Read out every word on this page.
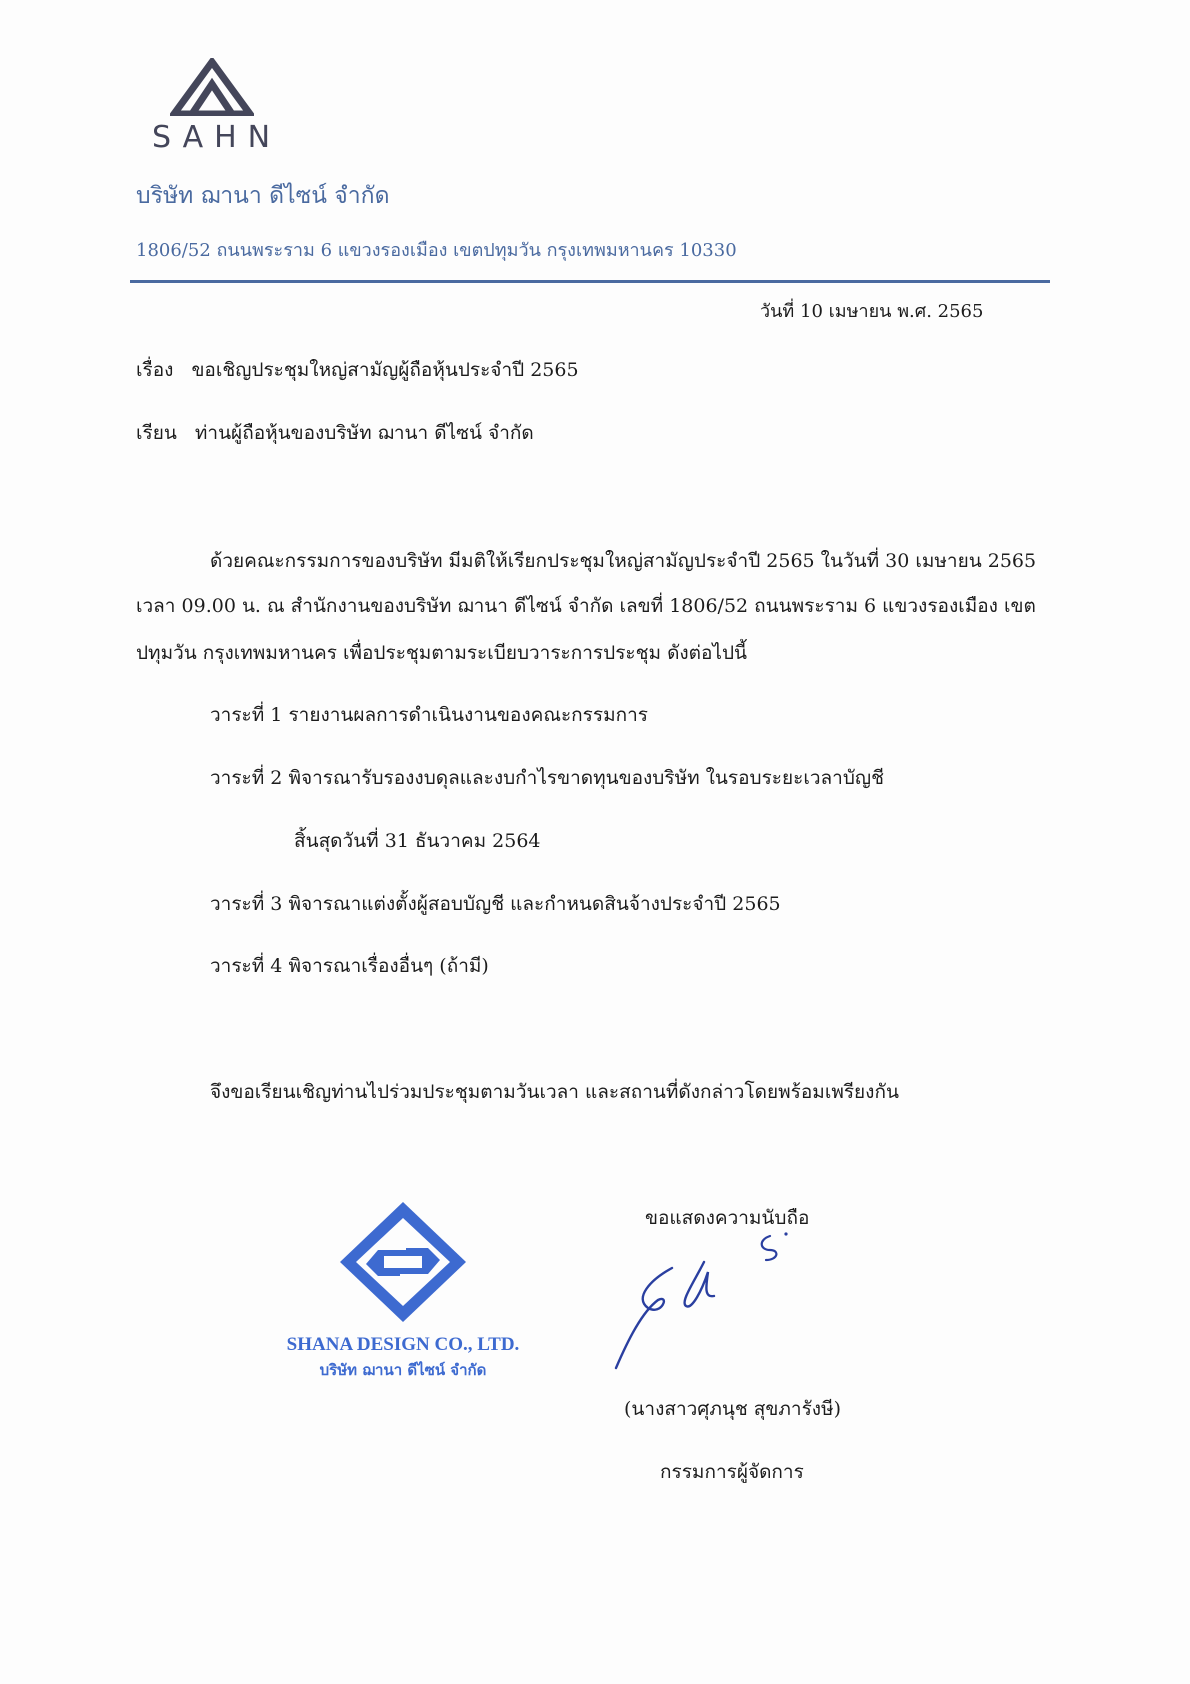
SAHN
บริษัท ฌานา ดีไซน์ จำกัด
1806/52 ถนนพระราม 6 แขวงรองเมือง เขตปทุมวัน กรุงเทพมหานคร 10330
วันที่ 10 เมษายน พ.ศ. 2565
เรื่อง ขอเชิญประชุมใหญ่สามัญผู้ถือหุ้นประจำปี 2565
เรียน ท่านผู้ถือหุ้นของบริษัท ฌานา ดีไซน์ จำกัด
ด้วยคณะกรรมการของบริษัท มีมติให้เรียกประชุมใหญ่สามัญประจำปี 2565 ในวันที่ 30 เมษายน 2565
เวลา 09.00 น. ณ สำนักงานของบริษัท ฌานา ดีไซน์ จำกัด เลขที่ 1806/52 ถนนพระราม 6 แขวงรองเมือง เขต
ปทุมวัน กรุงเทพมหานคร เพื่อประชุมตามระเบียบวาระการประชุม ดังต่อไปนี้
วาระที่ 1 รายงานผลการดำเนินงานของคณะกรรมการ
วาระที่ 2 พิจารณารับรองงบดุลและงบกำไรขาดทุนของบริษัท ในรอบระยะเวลาบัญชี
สิ้นสุดวันที่ 31 ธันวาคม 2564
วาระที่ 3 พิจารณาแต่งตั้งผู้สอบบัญชี และกำหนดสินจ้างประจำปี 2565
วาระที่ 4 พิจารณาเรื่องอื่นๆ (ถ้ามี)
จึงขอเรียนเชิญท่านไปร่วมประชุมตามวันเวลา และสถานที่ดังกล่าวโดยพร้อมเพรียงกัน
ขอแสดงความนับถือ
SHANA DESIGN CO., LTD.
บริษัท ฌานา ดีไซน์ จำกัด
(นางสาวศุภนุช สุขภารังษี)
กรรมการผู้จัดการ
